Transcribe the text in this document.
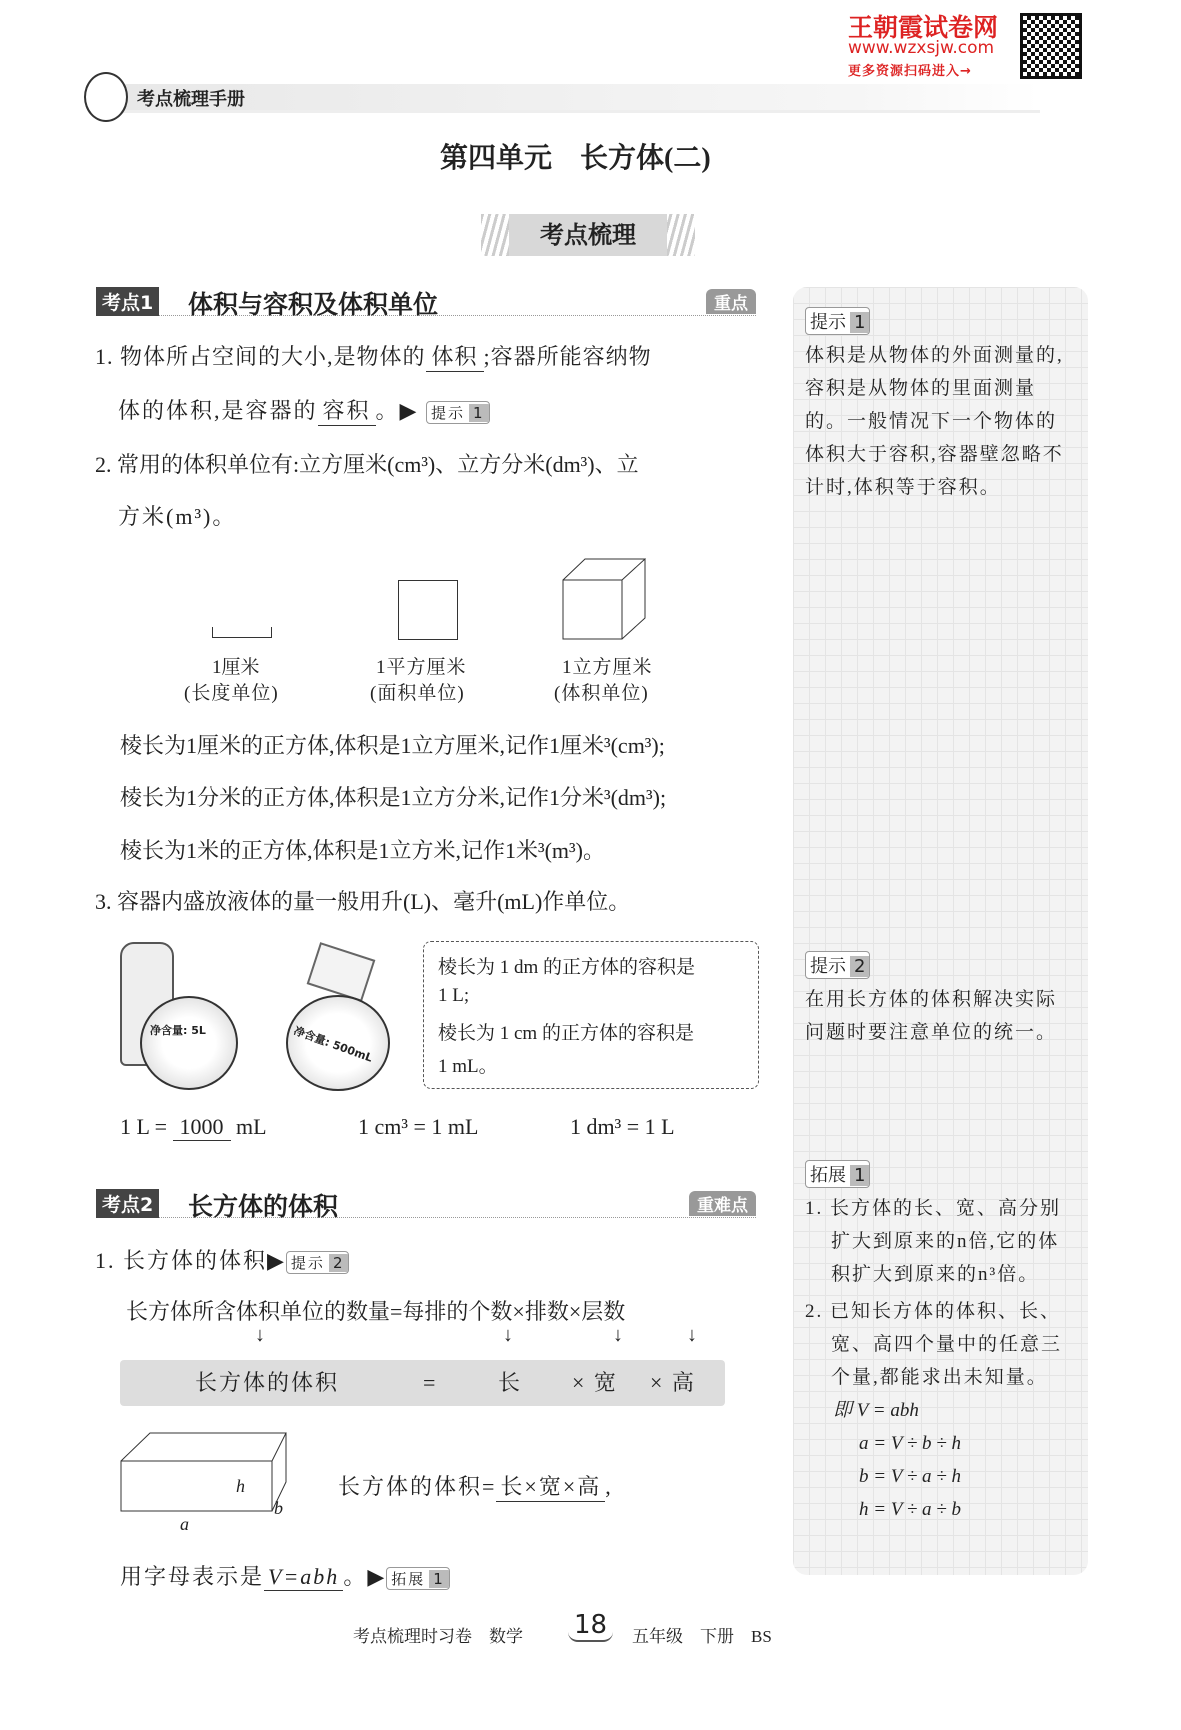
王朝霞试卷网
www.wzxsjw.com
更多资源扫码进入→
考点梳理手册
第四单元　长方体(二)
考点梳理
考点1 体积与容积及体积单位	重点
1. 物体所占空间的大小,是物体的 体积 ;容器所能容纳物
体的体积,是容器的 容积 。▶ 提示 1
2. 常用的体积单位有:立方厘米(cm³)、立方分米(dm³)、立
方米(m³)。
1厘米
(长度单位)
1平方厘米
(面积单位)
1立方厘米
(体积单位)
棱长为1厘米的正方体,体积是1立方厘米,记作1厘米³(cm³);
棱长为1分米的正方体,体积是1立方分米,记作1分米³(dm³);
棱长为1米的正方体,体积是1立方米,记作1米³(m³)。
3. 容器内盛放液体的量一般用升(L)、毫升(mL)作单位。
净含量: 5L	净含量: 500mL
棱长为 1 dm 的正方体的容积是
1 L;
棱长为 1 cm 的正方体的容积是
1 mL。
1 L = 1000 mL	1 cm³ = 1 mL	1 dm³ = 1 L
考点2 长方体的体积	重难点
1. 长方体的体积▶ 提示 2
长方体所含体积单位的数量=每排的个数×排数×层数
↓	↓	↓	↓
长方体的体积	=	长 × 宽 × 高
h
b
a
长方体的体积= 长×宽×高 ,
用字母表示是 V=abh 。▶ 拓展 1
提示 1
体积是从物体的外面测量的,容积是从物体的里面测量的。一般情况下一个物体的体积大于容积,容器壁忽略不计时,体积等于容积。
提示 2
在用长方体的体积解决实际问题时要注意单位的统一。
拓展 1
1. 长方体的长、宽、高分别扩大到原来的n倍,它的体积扩大到原来的n³倍。
2. 已知长方体的体积、长、宽、高四个量中的任意三个量,都能求出未知量。
即 V = abh
a = V ÷ b ÷ h
b = V ÷ a ÷ h
h = V ÷ a ÷ b
考点梳理时习卷　数学 18	五年级　下册　BS
